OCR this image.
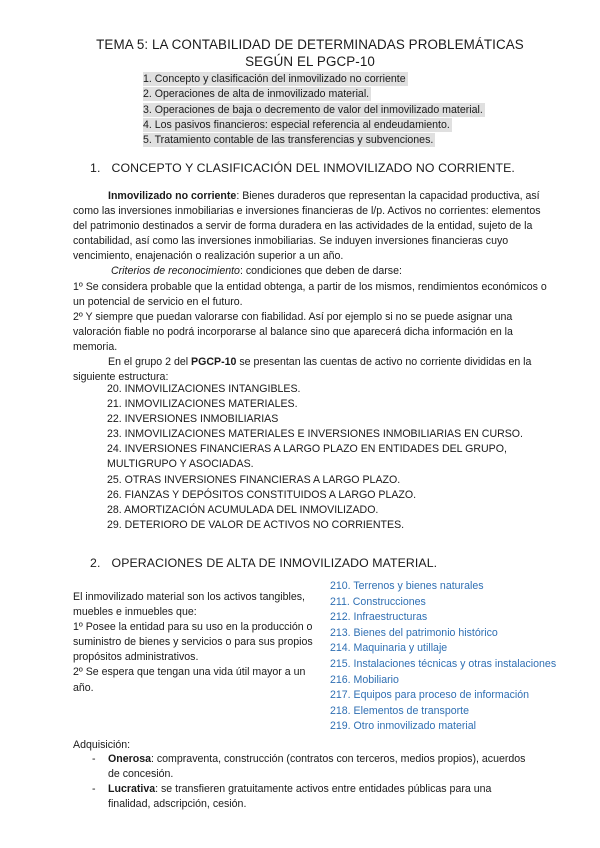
TEMA 5: LA CONTABILIDAD DE DETERMINADAS PROBLEMÁTICAS
SEGÚN EL PGCP-10
1. Concepto y clasificación del inmovilizado no corriente
2. Operaciones de alta de inmovilizado material.
3. Operaciones de baja o decremento de valor del inmovilizado material.
4. Los pasivos financieros: especial referencia al endeudamiento.
5. Tratamiento contable de las transferencias y subvenciones.
1. CONCEPTO Y CLASIFICACIÓN DEL INMOVILIZADO NO CORRIENTE.

Inmovilizado no corriente: Bienes duraderos que representan la capacidad productiva, así como las inversiones inmobiliarias e inversiones financieras de l/p. Activos no corrientes: elementos del patrimonio destinados a servir de forma duradera en las actividades de la entidad, sujeto de la contabilidad, así como las inversiones inmobiliarias. Se induyen inversiones financieras cuyo vencimiento, enajenación o realización superior a un año.

Criterios de reconocimiento: condiciones que deben de darse:

1º Se considera probable que la entidad obtenga, a partir de los mismos, rendimientos económicos o un potencial de servicio en el futuro.

2º Y siempre que puedan valorarse con fiabilidad. Así por ejemplo si no se puede asignar una valoración fiable no podrá incorporarse al balance sino que aparecerá dicha información en la memoria.

En el grupo 2 del PGCP-10 se presentan las cuentas de activo no corriente divididas en la siguiente estructura:

20. INMOVILIZACIONES INTANGIBLES.
21. INMOVILIZACIONES MATERIALES.
22. INVERSIONES INMOBILIARIAS
23. INMOVILIZACIONES MATERIALES E INVERSIONES INMOBILIARIAS EN CURSO.
24. INVERSIONES FINANCIERAS A LARGO PLAZO EN ENTIDADES DEL GRUPO, MULTIGRUPO Y ASOCIADAS.
25. OTRAS INVERSIONES FINANCIERAS A LARGO PLAZO.
26. FIANZAS Y DEPÓSITOS CONSTITUIDOS A LARGO PLAZO.
28. AMORTIZACIÓN ACUMULADA DEL INMOVILIZADO.
29. DETERIORO DE VALOR DE ACTIVOS NO CORRIENTES.
2. OPERACIONES DE ALTA DE INMOVILIZADO MATERIAL.

El inmovilizado material son los activos tangibles, muebles e inmuebles que:

1º Posee la entidad para su uso en la producción o suministro de bienes y servicios o para sus propios propósitos administrativos.

2º Se espera que tengan una vida útil mayor a un año.

210. Terrenos y bienes naturales
211. Construcciones
212. Infraestructuras
213. Bienes del patrimonio histórico
214. Maquinaria y utillaje
215. Instalaciones técnicas y otras instalaciones
216. Mobiliario
217. Equipos para proceso de información
218. Elementos de transporte
219. Otro inmovilizado material
Adquisición:
-	Onerosa: compraventa, construcción (contratos con terceros, medios propios), acuerdos de concesión.
-	Lucrativa: se transfieren gratuitamente activos entre entidades públicas para una finalidad, adscripción, cesión.
